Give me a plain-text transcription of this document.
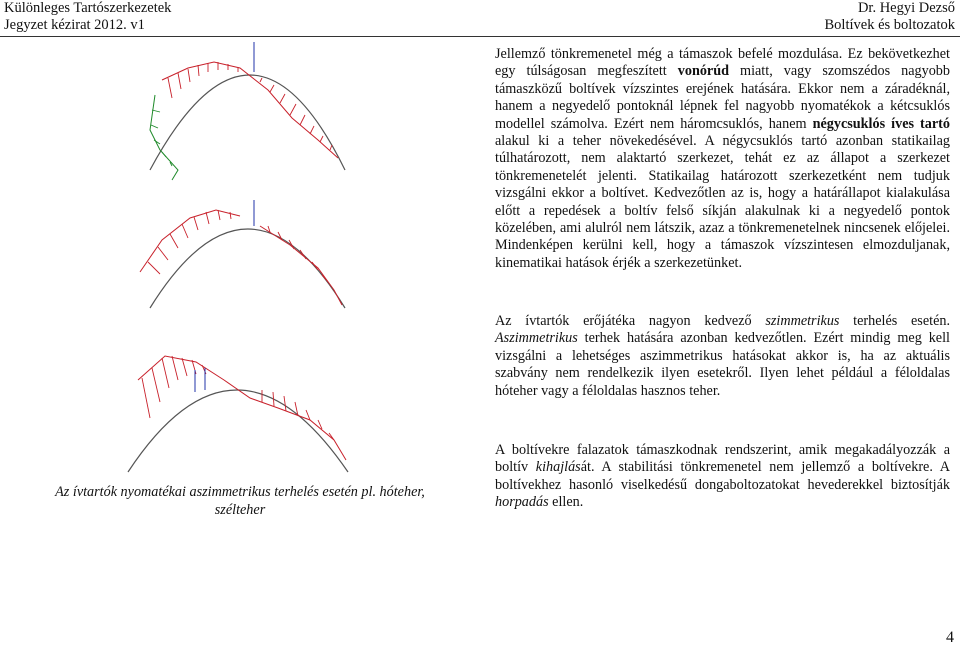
Különleges Tartószerkezetek
Jegyzet kézirat 2012. v1
Dr. Hegyi Dezső
Boltívek és boltozatok
Az ívtartók nyomatékai aszimmetrikus terhelés esetén pl. hóteher, szélteher
Jellemző tönkremenetel még a támaszok befelé mozdulása. Ez bekövetkezhet egy túlságosan megfeszített vonórúd miatt, vagy szomszédos nagyobb támaszközű boltívek vízszintes erejének hatására. Ekkor nem a záradéknál, hanem a negyedelő pontoknál lépnek fel nagyobb nyomatékok a kétcsuklós modellel számolva. Ezért nem háromcsuklós, hanem négycsuklós íves tartó alakul ki a teher növekedésével. A négycsuklós tartó azonban statikailag túlhatározott, nem alaktartó szerkezet, tehát ez az állapot a szerkezet tönkremenetelét jelenti. Statikailag határozott szerkezetként nem tudjuk vizsgálni ekkor a boltívet. Kedvezőtlen az is, hogy a határállapot kialakulása előtt a repedések a boltív felső síkján alakulnak ki a negyedelő pontok közelében, ami alulról nem látszik, azaz a tönkremenetelnek nincsenek előjelei. Mindenképen kerülni kell, hogy a támaszok vízszintesen elmozduljanak, kinematikai hatások érjék a szerkezetünket.
Az ívtartók erőjátéka nagyon kedvező szimmetrikus terhelés esetén. Aszimmetrikus terhek hatására azonban kedvezőtlen. Ezért mindig meg kell vizsgálni a lehetséges aszimmetrikus hatásokat akkor is, ha az aktuális szabvány nem rendelkezik ilyen esetekről. Ilyen lehet például a féloldalas hóteher vagy a féloldalas hasznos teher.
A boltívekre falazatok támaszkodnak rendszerint, amik megakadályozzák a boltív kihajlását. A stabilitási tönkremenetel nem jellemző a boltívekre. A boltívekhez hasonló viselkedésű dongaboltozatokat hevederekkel biztosítják horpadás ellen.
4
